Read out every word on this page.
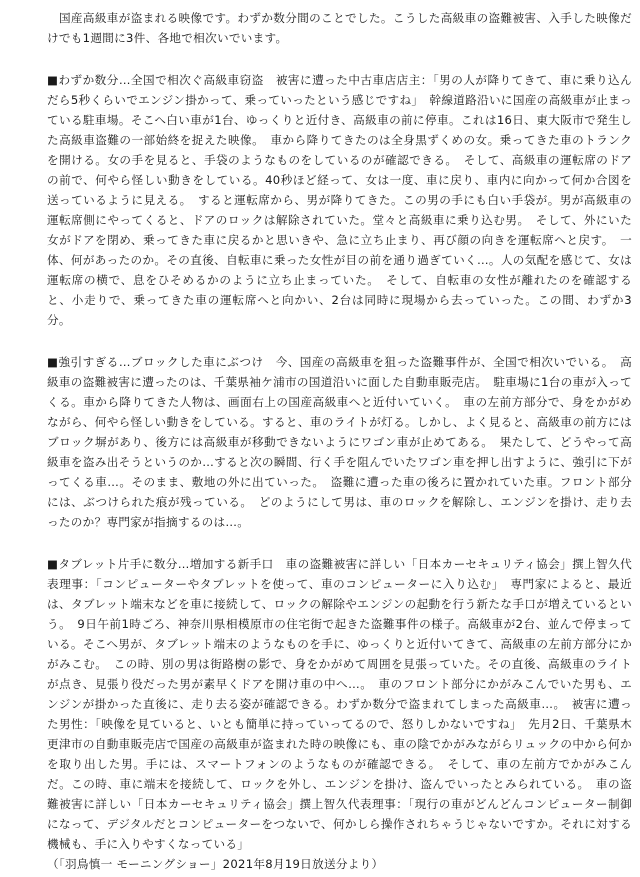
　国産高級車が盗まれる映像です。わずか数分間のことでした。こうした高級車の盗難被害、入手した映像だけでも1週間に3件、各地で相次いでいます。

■わずか数分…全国で相次ぐ高級車窃盗　被害に遭った中古車店店主：「男の人が降りてきて、車に乗り込んだら5秒くらいでエンジン掛かって、乗っていったという感じですね」　幹線道路沿いに国産の高級車が止まっている駐車場。そこへ白い車が1台、ゆっくりと近付き、高級車の前に停車。これは16日、東大阪市で発生した高級車盗難の一部始終を捉えた映像。　車から降りてきたのは全身黒ずくめの女。乗ってきた車のトランクを開ける。女の手を見ると、手袋のようなものをしているのが確認できる。　そして、高級車の運転席のドアの前で、何やら怪しい動きをしている。40秒ほど経って、女は一度、車に戻り、車内に向かって何か合図を送っているように見える。　すると運転席から、男が降りてきた。この男の手にも白い手袋が。男が高級車の運転席側にやってくると、ドアのロックは解除されていた。堂々と高級車に乗り込む男。　そして、外にいた女がドアを閉め、乗ってきた車に戻るかと思いきや、急に立ち止まり、再び顔の向きを運転席へと戻す。　一体、何があったのか。その直後、自転車に乗った女性が目の前を通り過ぎていく…。人の気配を感じて、女は運転席の横で、息をひそめるかのように立ち止まっていた。　そして、自転車の女性が離れたのを確認すると、小走りで、乗ってきた車の運転席へと向かい、2台は同時に現場から去っていった。この間、わずか3分。

■強引すぎる…ブロックした車にぶつけ　今、国産の高級車を狙った盗難事件が、全国で相次いでいる。　高級車の盗難被害に遭ったのは、千葉県袖ケ浦市の国道沿いに面した自動車販売店。　駐車場に1台の車が入ってくる。車から降りてきた人物は、画面右上の国産高級車へと近付いていく。　車の左前方部分で、身をかがめながら、何やら怪しい動きをしている。すると、車のライトが灯る。しかし、よく見ると、高級車の前方にはブロック塀があり、後方には高級車が移動できないようにワゴン車が止めてある。　果たして、どうやって高級車を盗み出そうというのか…すると次の瞬間、行く手を阻んでいたワゴン車を押し出すように、強引に下がってくる車…。そのまま、敷地の外に出ていった。　盗難に遭った車の後ろに置かれていた車。フロント部分には、ぶつけられた痕が残っている。　どのようにして男は、車のロックを解除し、エンジンを掛け、走り去ったのか？専門家が指摘するのは…。

■タブレット片手に数分…増加する新手口　車の盗難被害に詳しい「日本カーセキュリティ協会」撰上智久代表理事：「コンピューターやタブレットを使って、車のコンピューターに入り込む」　専門家によると、最近は、タブレット端末などを車に接続して、ロックの解除やエンジンの起動を行う新たな手口が増えているという。　9日午前1時ごろ、神奈川県相模原市の住宅街で起きた盗難事件の様子。高級車が2台、並んで停まっている。そこへ男が、タブレット端末のようなものを手に、ゆっくりと近付いてきて、高級車の左前方部分にかがみこむ。　この時、別の男は街路樹の影で、身をかがめて周囲を見張っていた。その直後、高級車のライトが点き、見張り役だった男が素早くドアを開け車の中へ…。　車のフロント部分にかがみこんでいた男も、エンジンが掛かった直後に、走り去る姿が確認できる。わずか数分で盗まれてしまった高級車…。　被害に遭った男性：「映像を見ていると、いとも簡単に持っていってるので、怒りしかないですね」　先月2日、千葉県木更津市の自動車販売店で国産の高級車が盗まれた時の映像にも、車の陰でかがみながらリュックの中から何かを取り出した男。手には、スマートフォンのようなものが確認できる。　そして、車の左前方でかがみこんだ。この時、車に端末を接続して、ロックを外し、エンジンを掛け、盗んでいったとみられている。　車の盗難被害に詳しい「日本カーセキュリティ協会」撰上智久代表理事：「現行の車がどんどんコンピューター制御になって、デジタルだとコンピューターをつないで、何かしら操作されちゃうじゃないですか。それに対する機械も、手に入りやすくなっている」

（「羽鳥慎一 モーニングショー」2021年8月19日放送分より）
